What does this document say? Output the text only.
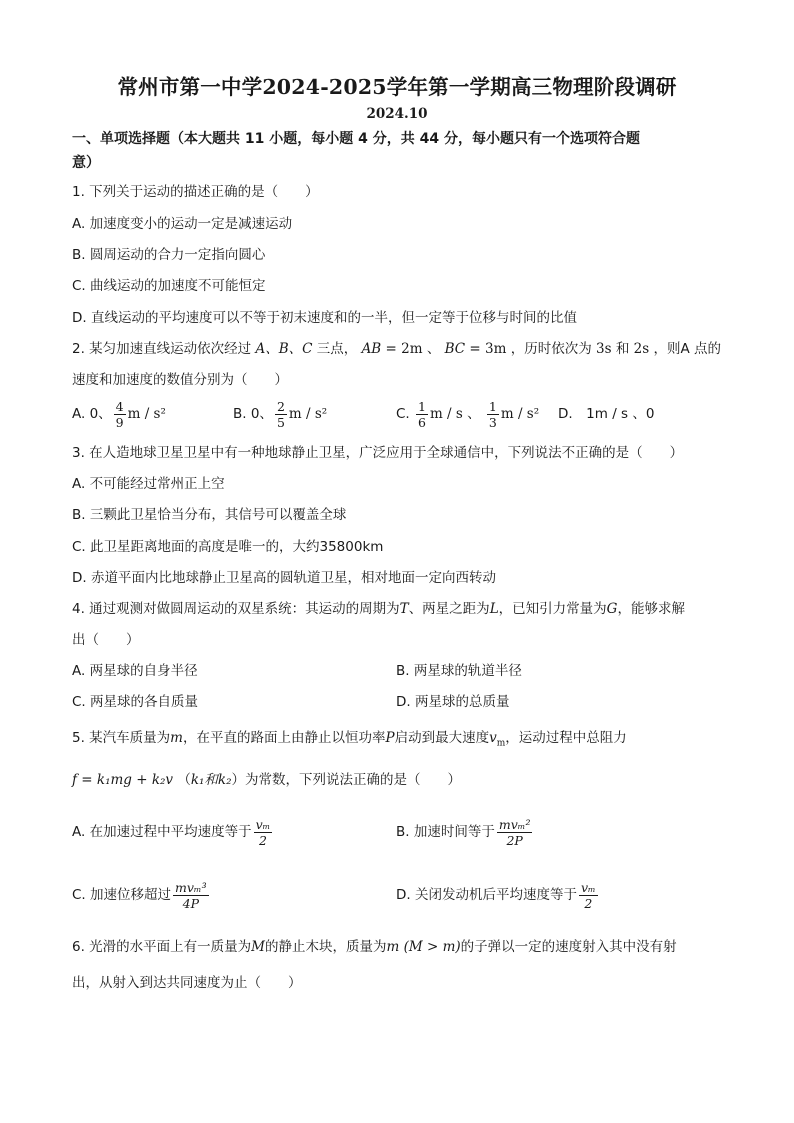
常州市第一中学2024-2025学年第一学期高三物理阶段调研
2024.10
一、单项选择题（本大题共 11 小题，每小题 4 分，共 44 分，每小题只有一个选项符合题
意）
1. 下列关于运动的描述正确的是（　　）
A. 加速度变小的运动一定是减速运动
B. 圆周运动的合力一定指向圆心
C. 曲线运动的加速度不可能恒定
D. 直线运动的平均速度可以不等于初末速度和的一半，但一定等于位移与时间的比值
2. 某匀加速直线运动依次经过 A、B、C 三点， AB = 2m 、 BC = 3m ，历时依次为 3s 和 2s ，则A 点的
速度和加速度的数值分别为（　　）
A. 0、 $\frac{4}{9}$ m / s²	B. 0、 $\frac{2}{5}$ m / s²	C. $\frac{1}{6}$ m / s 、 $\frac{1}{3}$ m / s² D.　1m / s 、0
3. 在人造地球卫星卫星中有一种地球静止卫星，广泛应用于全球通信中，下列说法不正确的是（　　）
A. 不可能经过常州正上空
B. 三颗此卫星恰当分布，其信号可以覆盖全球
C. 此卫星距离地面的高度是唯一的，大约35800km
D. 赤道平面内比地球静止卫星高的圆轨道卫星，相对地面一定向西转动
4. 通过观测对做圆周运动的双星系统：其运动的周期为T、两星之距为L，已知引力常量为G，能够求解
出（　　）
A. 两星球的自身半径	B. 两星球的轨道半径
C. 两星球的各自质量	D. 两星球的总质量
5. 某汽车质量为m，在平直的路面上由静止以恒功率P启动到最大速度$v_m$，运动过程中总阻力
f = k₁mg + k₂v （k₁和k₂）为常数，下列说法正确的是（　　）
A. 在加速过程中平均速度等于 $\frac{\text{vₘ}}{2}$	B. 加速时间等于 $\frac{\text{mvₘ²}}{2P}$
C. 加速位移超过 $\frac{\text{mvₘ³}}{4P}$	D. 关闭发动机后平均速度等于 $\frac{\text{vₘ}}{2}$
6. 光滑的水平面上有一质量为M的静止木块，质量为m (M > m)的子弹以一定的速度射入其中没有射
出，从射入到达共同速度为止（　　）
